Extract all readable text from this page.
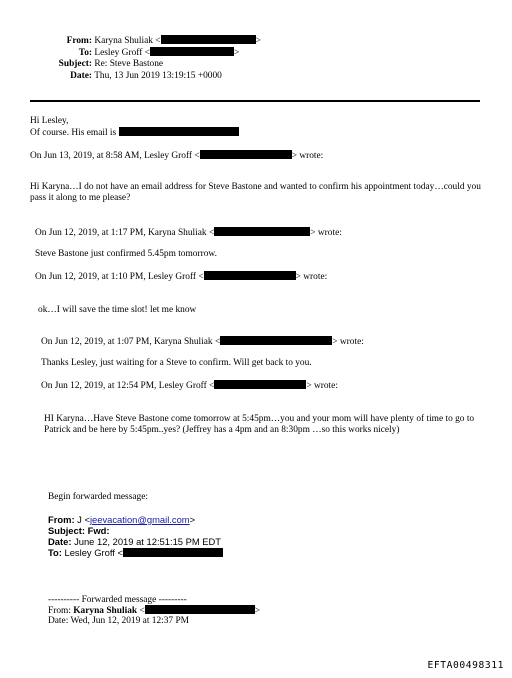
From: Karyna Shuliak <	>
To: Lesley Groff <	>
Subject: Re: Steve Bastone
Date: Thu, 13 Jun 2019 13:19:15 +0000
Hi Lesley,
Of course. His email is
On Jun 13, 2019, at 8:58 AM, Lesley Groff <	> wrote:
Hi Karyna…I do not have an email address for Steve Bastone and wanted to confirm his appointment today…could you pass it along to me please?
On Jun 12, 2019, at 1:17 PM, Karyna Shuliak <	> wrote:
Steve Bastone just confirmed 5.45pm tomorrow.
On Jun 12, 2019, at 1:10 PM, Lesley Groff <	> wrote:
ok…I will save the time slot! let me know
On Jun 12, 2019, at 1:07 PM, Karyna Shuliak <	> wrote:
Thanks Lesley, just waiting for a Steve to confirm. Will get back to you.
On Jun 12, 2019, at 12:54 PM, Lesley Groff <	> wrote:
HI Karyna…Have Steve Bastone come tomorrow at 5:45pm…you and your mom will have plenty of time to go to Patrick and be here by 5:45pm..yes? (Jeffrey has a 4pm and an 8:30pm …so this works nicely)
Begin forwarded message:
From: J <jeevacation@gmail.com>
Subject: Fwd:
Date: June 12, 2019 at 12:51:15 PM EDT
To: Lesley Groff <
---------- Forwarded message ---------
From: Karyna Shuliak <	>
Date: Wed, Jun 12, 2019 at 12:37 PM
EFTA00498311
